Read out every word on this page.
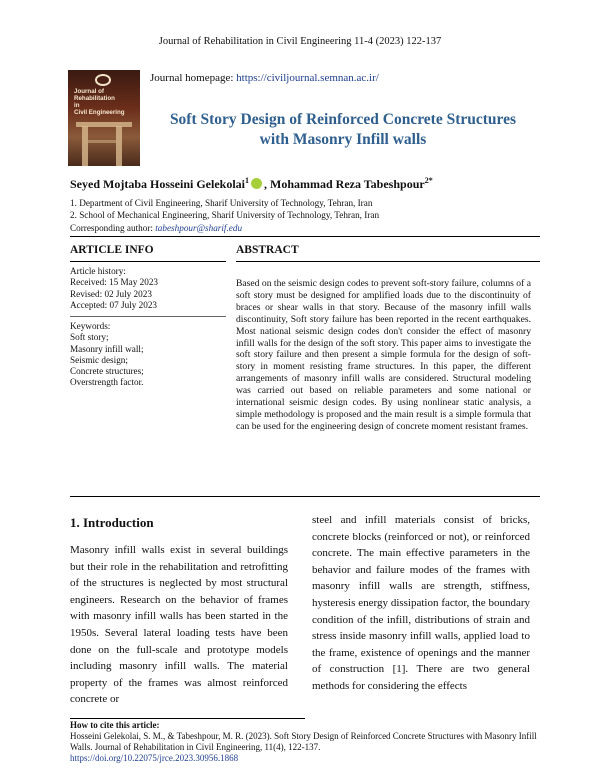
Journal of Rehabilitation in Civil Engineering 11-4 (2023) 122-137
Journal of
Rehabilitation
in
Civil Engineering
Journal homepage: https://civiljournal.semnan.ac.ir/
Soft Story Design of Reinforced Concrete Structures
with Masonry Infill walls
Seyed Mojtaba Hosseini Gelekolai$^1$ , Mohammad Reza Tabeshpour$^{2*}$
1. Department of Civil Engineering, Sharif University of Technology, Tehran, Iran
2. School of Mechanical Engineering, Sharif University of Technology, Tehran, Iran
Corresponding author: tabeshpour@sharif.edu
ARTICLE INFO	ABSTRACT
Article history:
Received: 15 May 2023
Revised: 02 July 2023
Accepted: 07 July 2023
Keywords:
Soft story;
Masonry infill wall;
Seismic design;
Concrete structures;
Overstrength factor.
Based on the seismic design codes to prevent soft-story failure, columns of a soft story must be designed for amplified loads due to the discontinuity of braces or shear walls in that story. Because of the masonry infill walls discontinuity, Soft story failure has been reported in the recent earthquakes. Most national seismic design codes don't consider the effect of masonry infill walls for the design of the soft story. This paper aims to investigate the soft story failure and then present a simple formula for the design of soft-story in moment resisting frame structures. In this paper, the different arrangements of masonry infill walls are considered. Structural modeling was carried out based on reliable parameters and some national or international seismic design codes. By using nonlinear static analysis, a simple methodology is proposed and the main result is a simple formula that can be used for the engineering design of concrete moment resistant frames.
1. Introduction
Masonry infill walls exist in several buildings but their role in the rehabilitation and retrofitting of the structures is neglected by most structural engineers. Research on the behavior of frames with masonry infill walls has been started in the 1950s. Several lateral loading tests have been done on the full-scale and prototype models including masonry infill walls. The material property of the frames was almost reinforced concrete or
steel and infill materials consist of bricks, concrete blocks (reinforced or not), or reinforced concrete. The main effective parameters in the behavior and failure modes of the frames with masonry infill walls are strength, stiffness, hysteresis energy dissipation factor, the boundary condition of the infill, distributions of strain and stress inside masonry infill walls, applied load to the frame, existence of openings and the manner of construction [1]. There are two general methods for considering the effects
How to cite this article:
Hosseini Gelekolai, S. M., & Tabeshpour, M. R. (2023). Soft Story Design of Reinforced Concrete Structures with Masonry Infill Walls. Journal of Rehabilitation in Civil Engineering, 11(4), 122-137.
https://doi.org/10.22075/jrce.2023.30956.1868
